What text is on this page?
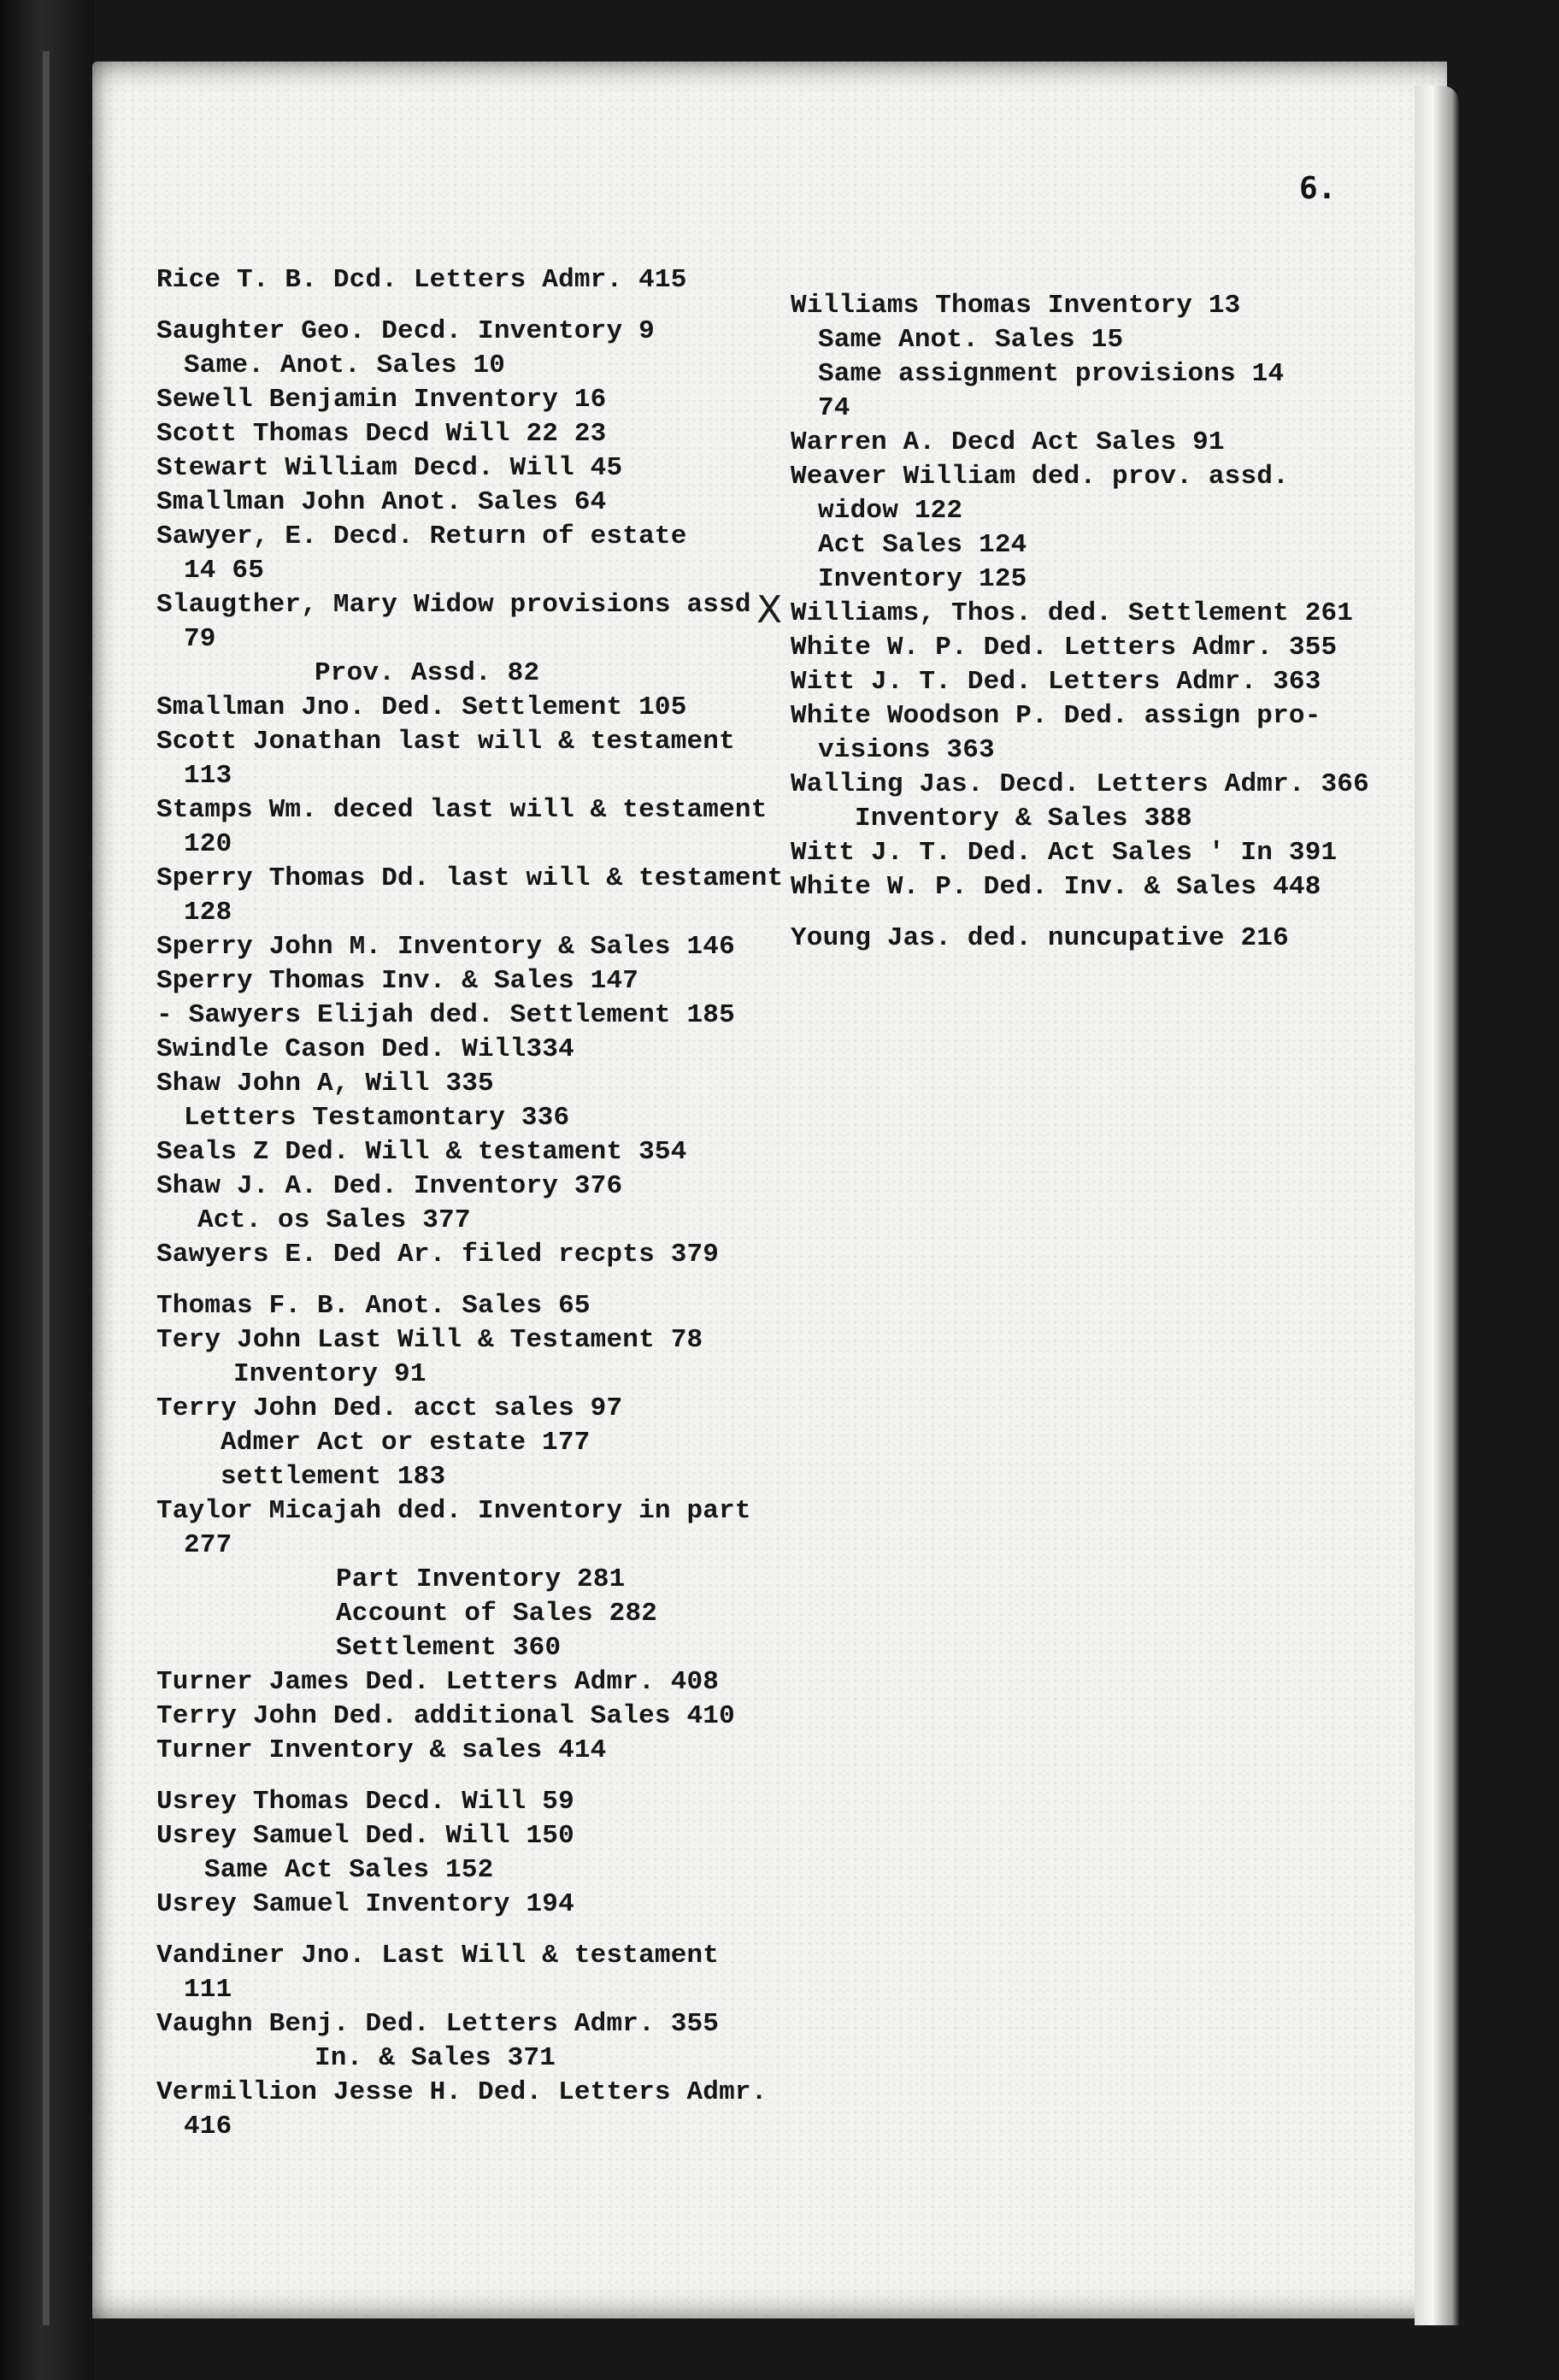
6.
X
Rice T. B. Dcd. Letters Admr. 415
Saughter Geo. Decd. Inventory 9
Same. Anot. Sales 10
Sewell Benjamin Inventory 16
Scott Thomas Decd Will 22 23
Stewart William Decd. Will 45
Smallman John Anot. Sales 64
Sawyer, E. Decd. Return of estate
14 65
Slaugther, Mary Widow provisions assd
79
Prov. Assd. 82
Smallman Jno. Ded. Settlement 105
Scott Jonathan last will & testament
113
Stamps Wm. deced last will & testament
120
Sperry Thomas Dd. last will & testament
128
Sperry John M. Inventory & Sales 146
Sperry Thomas Inv. & Sales 147
- Sawyers Elijah ded. Settlement 185
Swindle Cason Ded. Will334
Shaw John A, Will 335
Letters Testamontary 336
Seals Z Ded. Will & testament 354
Shaw J. A. Ded. Inventory 376
Act. os Sales 377
Sawyers E. Ded Ar. filed recpts 379
Thomas F. B. Anot. Sales 65
Tery John Last Will & Testament 78
Inventory 91
Terry John Ded. acct sales 97
Admer Act or estate 177
settlement 183
Taylor Micajah ded. Inventory in part
277
Part Inventory 281
Account of Sales 282
Settlement 360
Turner James Ded. Letters Admr. 408
Terry John Ded. additional Sales 410
Turner Inventory & sales 414
Usrey Thomas Decd. Will 59
Usrey Samuel Ded. Will 150
Same Act Sales 152
Usrey Samuel Inventory 194
Vandiner Jno. Last Will & testament
111
Vaughn Benj. Ded. Letters Admr. 355
In. & Sales 371
Vermillion Jesse H. Ded. Letters Admr.
416
Williams Thomas Inventory 13
Same Anot. Sales 15
Same assignment provisions 14
74
Warren A. Decd Act Sales 91
Weaver William ded. prov. assd.
widow 122
Act Sales 124
Inventory 125
Williams, Thos. ded. Settlement 261
White W. P. Ded. Letters Admr. 355
Witt J. T. Ded. Letters Admr. 363
White Woodson P. Ded. assign pro-
visions 363
Walling Jas. Decd. Letters Admr. 366
Inventory & Sales 388
Witt J. T. Ded. Act Sales ' In 391
White W. P. Ded. Inv. & Sales 448
Young Jas. ded. nuncupative 216
